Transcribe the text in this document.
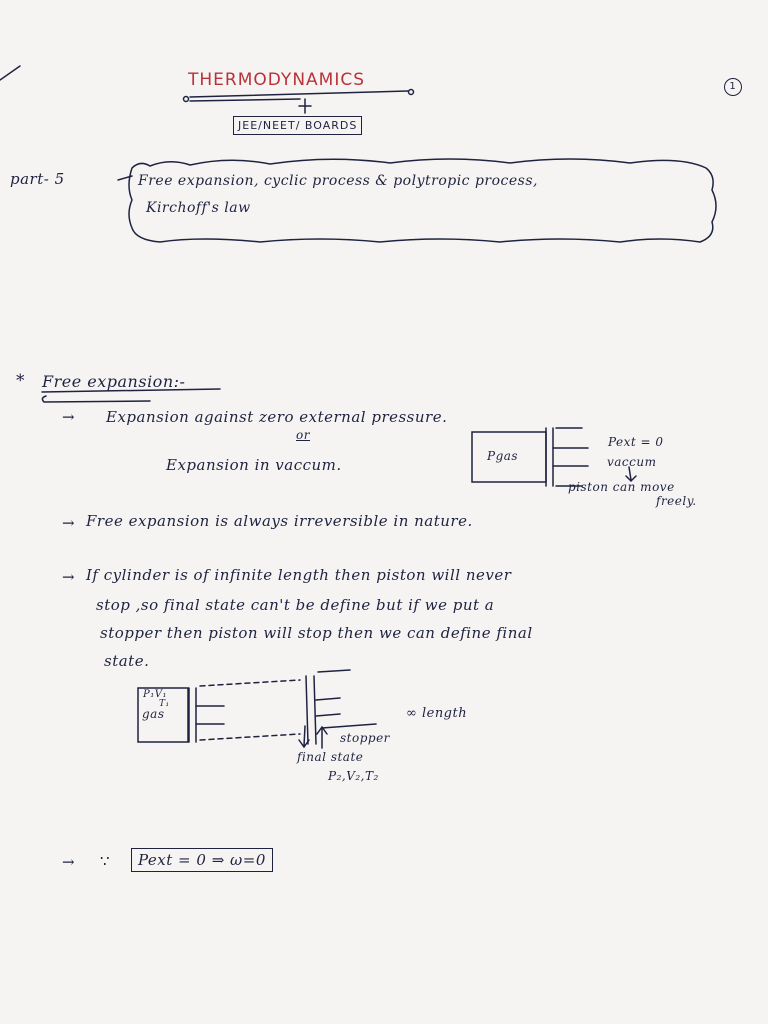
THERMODYNAMICS
JEE/NEET/ BOARDS
1
part- 5	Free expansion, cyclic process & polytropic process,
Kirchoff's law
* Free expansion:-
→ Expansion against zero external pressure.
or
Expansion in vaccum.	Pgas
Pext = 0
vaccum
piston can move
freely.
→ Free expansion is always irreversible in nature.
→ If cylinder is of infinite length then piston will never
stop ,so final state can't be define but if we put a
stopper then piston will stop then we can define final
state.
P₁V₁
T₁
gas	∞ length
stopper
final state
P₂,V₂,T₂
→ ∵	Pext = 0 ⇒ ω=0
